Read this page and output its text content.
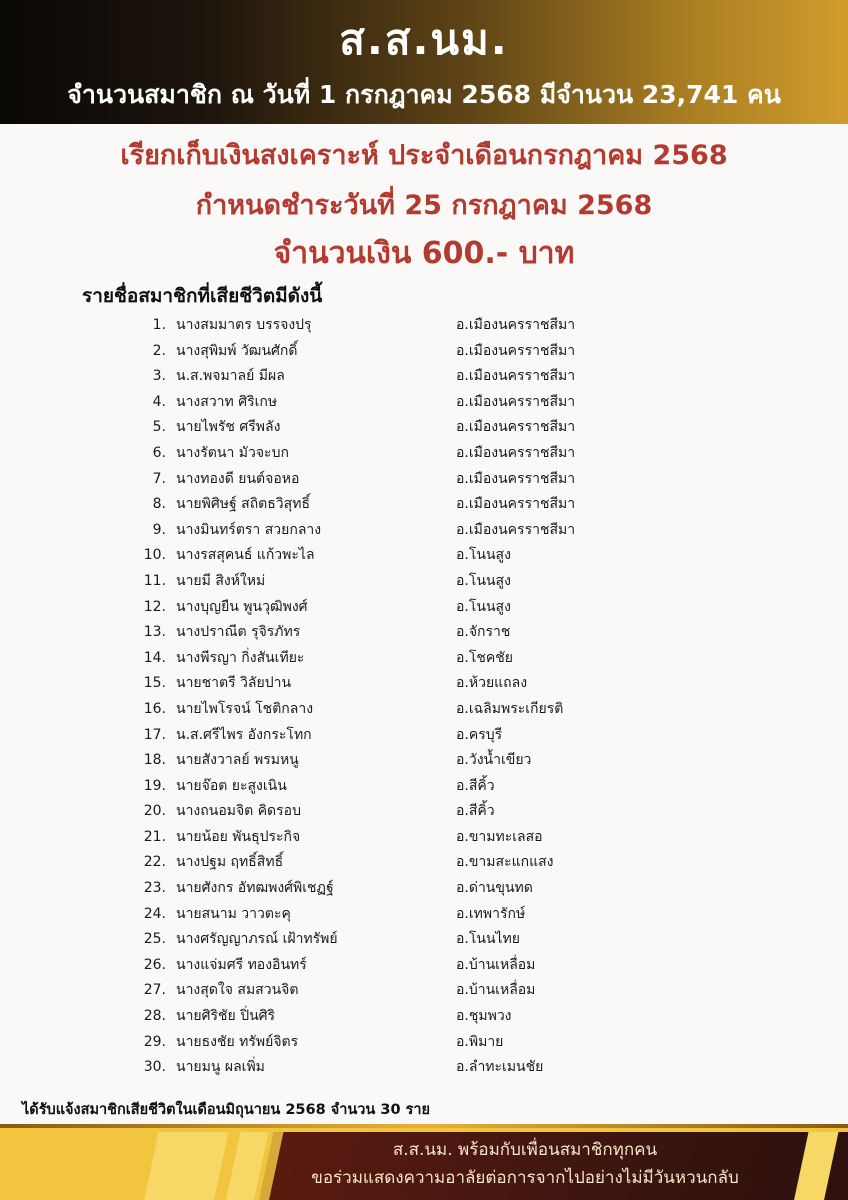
ส.ส.นม.
จำนวนสมาชิก ณ วันที่ 1 กรกฎาคม 2568 มีจำนวน 23,741 คน
เรียกเก็บเงินสงเคราะห์ ประจำเดือนกรกฎาคม 2568
กำหนดชำระวันที่ 25 กรกฎาคม 2568
จำนวนเงิน 600.- บาท
รายชื่อสมาชิกที่เสียชีวิตมีดังนี้
1. นางสมมาตร บรรจงปรุ	อ.เมืองนครราชสีมา
2. นางสุพิมพ์ วัฒนศักดิ์	อ.เมืองนครราชสีมา
3. น.ส.พจมาลย์ มีผล	อ.เมืองนครราชสีมา
4. นางสวาท ศิริเกษ	อ.เมืองนครราชสีมา
5. นายไพรัช ศรีพลัง	อ.เมืองนครราชสีมา
6. นางรัตนา มัวจะบก	อ.เมืองนครราชสีมา
7. นางทองดี ยนต์จอหอ	อ.เมืองนครราชสีมา
8. นายพิศิษฐ์ สถิตธวิสุทธิ์	อ.เมืองนครราชสีมา
9. นางมินทร์ตรา สวยกลาง	อ.เมืองนครราชสีมา
10. นางรสสุคนธ์ แก้วพะไล	อ.โนนสูง
11. นายมี สิงห์ใหม่	อ.โนนสูง
12. นางบุญยืน พูนวุฒิพงศ์	อ.โนนสูง
13. นางปราณีต รุจิรภัทร	อ.จักราช
14. นางพีรญา กิ่งสันเทียะ	อ.โชคชัย
15. นายชาตรี วิลัยปาน	อ.ห้วยแถลง
16. นายไพโรจน์ โชติกลาง	อ.เฉลิมพระเกียรติ
17. น.ส.ศรีไพร อังกระโทก	อ.ครบุรี
18. นายสังวาลย์ พรมหนู	อ.วังน้ำเขียว
19. นายจ๊อต ยะสูงเนิน	อ.สีคิ้ว
20. นางถนอมจิต คิดรอบ	อ.สีคิ้ว
21. นายน้อย พันธุประกิจ	อ.ขามทะเลสอ
22. นางปฐม ฤทธิ์สิทธิ์	อ.ขามสะแกแสง
23. นายศังกร อัทฒพงศ์พิเชฏฐ์	อ.ด่านขุนทด
24. นายสนาม วาวตะคุ	อ.เทพารักษ์
25. นางศรัญญาภรณ์ เฝ้าทรัพย์	อ.โนนไทย
26. นางแจ่มศรี ทองอินทร์	อ.บ้านเหลื่อม
27. นางสุดใจ สมสวนจิต	อ.บ้านเหลื่อม
28. นายศิริชัย ปิ่นศิริ	อ.ชุมพวง
29. นายธงชัย ทรัพย์จิตร	อ.พิมาย
30. นายมนู ผลเพิ่ม	อ.ลำทะเมนชัย
ได้รับแจ้งสมาชิกเสียชีวิตในเดือนมิถุนายน 2568 จำนวน 30 ราย
ส.ส.นม. พร้อมกับเพื่อนสมาชิกทุกคน
ขอร่วมแสดงความอาลัยต่อการจากไปอย่างไม่มีวันหวนกลับ
